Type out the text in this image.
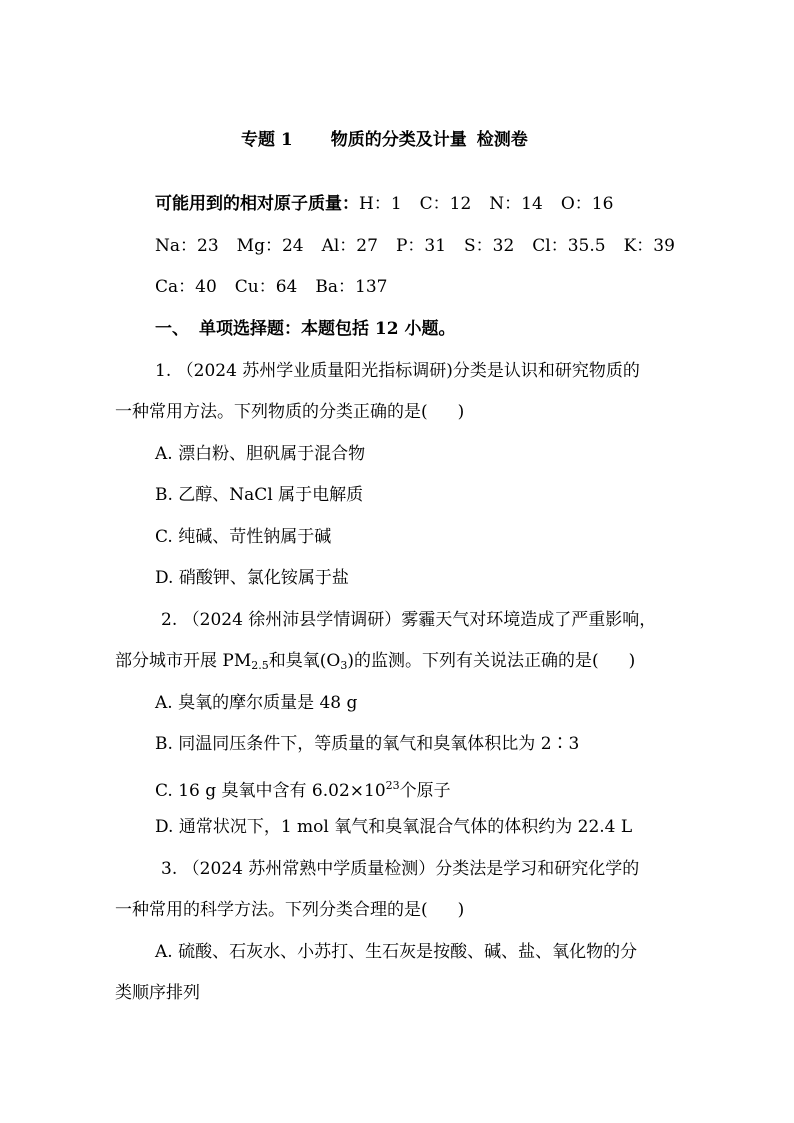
专题 1 物质的分类及计量 检测卷
可能用到的相对原子质量：H：1 C：12 N：14 O：16
Na：23 Mg：24 Al：27 P：31 S：32 Cl：35.5 K：39
Ca：40 Cu：64 Ba：137
一、 单项选择题：本题包括 12 小题。
1. （2024 苏州学业质量阳光指标调研)分类是认识和研究物质的
一种常用方法。下列物质的分类正确的是( )
A. 漂白粉、胆矾属于混合物
B. 乙醇、NaCl 属于电解质
C. 纯碱、苛性钠属于碱
D. 硝酸钾、氯化铵属于盐
2. （2024 徐州沛县学情调研）雾霾天气对环境造成了严重影响，
部分城市开展 $PM_{2.5}$和臭氧$(O_3)$的监测。下列有关说法正确的是( )
A. 臭氧的摩尔质量是 48 g
B. 同温同压条件下，等质量的氧气和臭氧体积比为 2∶3
C. 16 g 臭氧中含有 $6.02\times 10^{23}$个原子
D. 通常状况下，1 mol 氧气和臭氧混合气体的体积约为 22.4 L
3. （2024 苏州常熟中学质量检测）分类法是学习和研究化学的
一种常用的科学方法。下列分类合理的是( )
A. 硫酸、石灰水、小苏打、生石灰是按酸、碱、盐、氧化物的分
类顺序排列
